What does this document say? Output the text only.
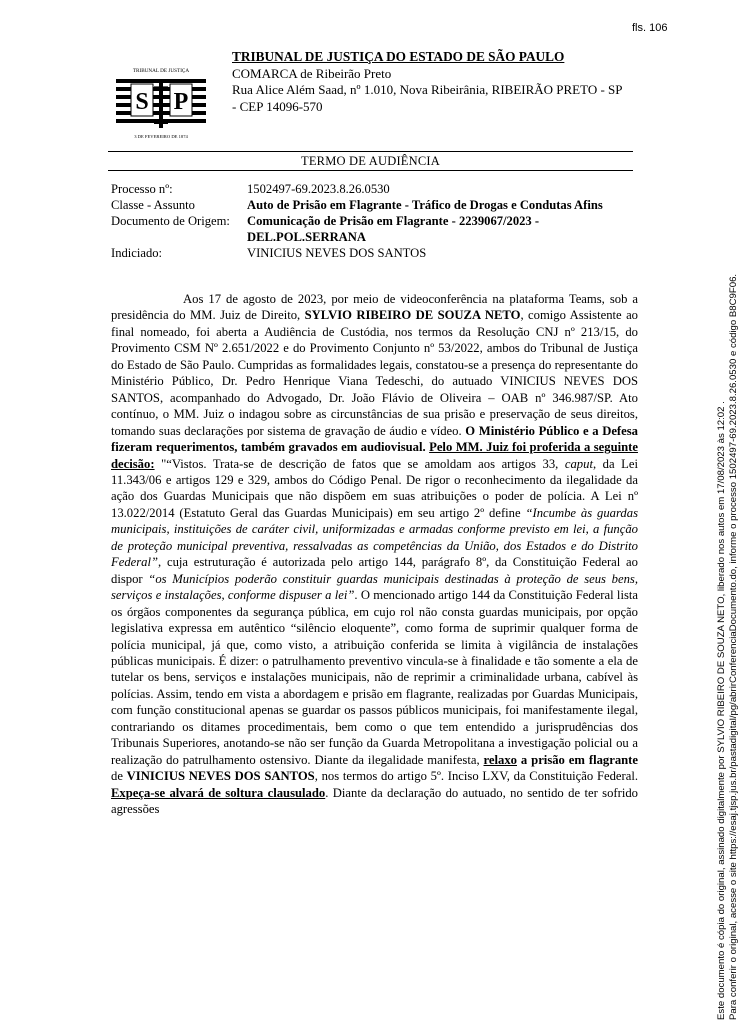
fls. 106
TRIBUNAL DE JUSTIÇA
S P
3 DE FEVEREIRO DE 1874
TRIBUNAL DE JUSTIÇA DO ESTADO DE SÃO PAULO
COMARCA de Ribeirão Preto
Rua Alice Além Saad, nº 1.010, Nova Ribeirânia, RIBEIRÃO PRETO - SP
- CEP 14096-570
TERMO DE AUDIÊNCIA
Processo nº:	1502497-69.2023.8.26.0530
Classe - Assunto	Auto de Prisão em Flagrante - Tráfico de Drogas e Condutas Afins
Documento de Origem:	Comunicação de Prisão em Flagrante - 2239067/2023 -
DEL.POL.SERRANA
Indiciado:	VINICIUS NEVES DOS SANTOS

Aos 17 de agosto de 2023, por meio de videoconferência na plataforma Teams, sob a presidência do MM. Juiz de Direito, SYLVIO RIBEIRO DE SOUZA NETO, comigo Assistente ao final nomeado, foi aberta a Audiência de Custódia, nos termos da Resolução CNJ nº 213/15, do Provimento CSM Nº 2.651/2022 e do Provimento Conjunto nº 53/2022, ambos do Tribunal de Justiça do Estado de São Paulo. Cumpridas as formalidades legais, constatou-se a presença do representante do Ministério Público, Dr. Pedro Henrique Viana Tedeschi, do autuado VINICIUS NEVES DOS SANTOS, acompanhado do Advogado, Dr. João Flávio de Oliveira – OAB nº 346.987/SP. Ato contínuo, o MM. Juiz o indagou sobre as circunstâncias de sua prisão e preservação de seus direitos, tomando suas declarações por sistema de gravação de áudio e vídeo. O Ministério Público e a Defesa fizeram requerimentos, também gravados em audiovisual. Pelo MM. Juiz foi proferida a seguinte decisão: "“Vistos. Trata-se de descrição de fatos que se amoldam aos artigos 33, caput, da Lei 11.343/06 e artigos 129 e 329, ambos do Código Penal. De rigor o reconhecimento da ilegalidade da ação dos Guardas Municipais que não dispõem em suas atribuições o poder de polícia. A Lei nº 13.022/2014 (Estatuto Geral das Guardas Municipais) em seu artigo 2º define “Incumbe às guardas municipais, instituições de caráter civil, uniformizadas e armadas conforme previsto em lei, a função de proteção municipal preventiva, ressalvadas as competências da União, dos Estados e do Distrito Federal”, cuja estruturação é autorizada pelo artigo 144, parágrafo 8º, da Constituição Federal ao dispor “os Municípios poderão constituir guardas municipais destinadas à proteção de seus bens, serviços e instalações, conforme dispuser a lei”. O mencionado artigo 144 da Constituição Federal lista os órgãos componentes da segurança pública, em cujo rol não consta guardas municipais, por opção legislativa expressa em autêntico “silêncio eloquente”, como forma de suprimir qualquer forma de polícia municipal, já que, como visto, a atribuição conferida se limita à vigilância de instalações públicas municipais. É dizer: o patrulhamento preventivo vincula-se à finalidade e tão somente a ela de tutelar os bens, serviços e instalações municipais, não de reprimir a criminalidade urbana, cabível às polícias. Assim, tendo em vista a abordagem e prisão em flagrante, realizadas por Guardas Municipais, com função constitucional apenas se guardar os passos públicos municipais, foi manifestamente ilegal, contrariando os ditames procedimentais, bem como o que tem entendido a jurisprudências dos Tribunais Superiores, anotando-se não ser função da Guarda Metropolitana a investigação policial ou a realização do patrulhamento ostensivo. Diante da ilegalidade manifesta, relaxo a prisão em flagrante de VINICIUS NEVES DOS SANTOS, nos termos do artigo 5º. Inciso LXV, da Constituição Federal. Expeça-se alvará de soltura clausulado. Diante da declaração do autuado, no sentido de ter sofrido agressões	Este documento é cópia do original, assinado digitalmente por SYLVIO RIBEIRO DE SOUZA NETO, liberado nos autos em 17/08/2023 às 12:02 . Para conferir o original, acesse o site https://esaj.tjsp.jus.br/pastadigital/pg/abrirConferenciaDocumento.do, informe o processo 1502497-69.2023.8.26.0530 e código B8C9F06.
